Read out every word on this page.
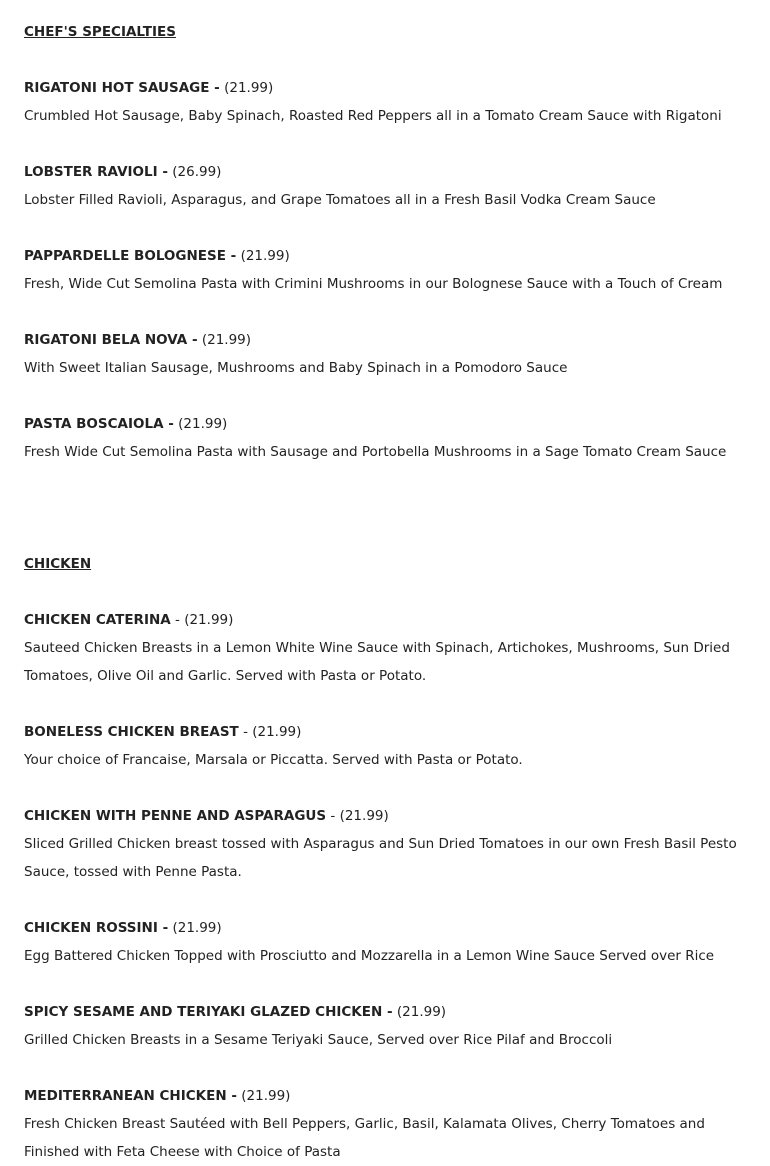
CHEF'S SPECIALTIES
RIGATONI HOT SAUSAGE - (21.99)
Crumbled Hot Sausage, Baby Spinach, Roasted Red Peppers all in a Tomato Cream Sauce with Rigatoni
LOBSTER RAVIOLI - (26.99)
Lobster Filled Ravioli, Asparagus, and Grape Tomatoes all in a Fresh Basil Vodka Cream Sauce
PAPPARDELLE BOLOGNESE - (21.99)
Fresh, Wide Cut Semolina Pasta with Crimini Mushrooms in our Bolognese Sauce with a Touch of Cream
RIGATONI BELA NOVA - (21.99)
With Sweet Italian Sausage, Mushrooms and Baby Spinach in a Pomodoro Sauce
PASTA BOSCAIOLA - (21.99)
Fresh Wide Cut Semolina Pasta with Sausage and Portobella Mushrooms in a Sage Tomato Cream Sauce
CHICKEN
CHICKEN CATERINA - (21.99)
Sauteed Chicken Breasts in a Lemon White Wine Sauce with Spinach, Artichokes, Mushrooms, Sun Dried Tomatoes, Olive Oil and Garlic. Served with Pasta or Potato.
BONELESS CHICKEN BREAST - (21.99)
Your choice of Francaise, Marsala or Piccatta. Served with Pasta or Potato.
CHICKEN WITH PENNE AND ASPARAGUS - (21.99)
Sliced Grilled Chicken breast tossed with Asparagus and Sun Dried Tomatoes in our own Fresh Basil Pesto Sauce, tossed with Penne Pasta.
CHICKEN ROSSINI - (21.99)
Egg Battered Chicken Topped with Prosciutto and Mozzarella in a Lemon Wine Sauce Served over Rice
SPICY SESAME AND TERIYAKI GLAZED CHICKEN - (21.99)
Grilled Chicken Breasts in a Sesame Teriyaki Sauce, Served over Rice Pilaf and Broccoli
MEDITERRANEAN CHICKEN - (21.99)
Fresh Chicken Breast Sautéed with Bell Peppers, Garlic, Basil, Kalamata Olives, Cherry Tomatoes and Finished with Feta Cheese with Choice of Pasta
